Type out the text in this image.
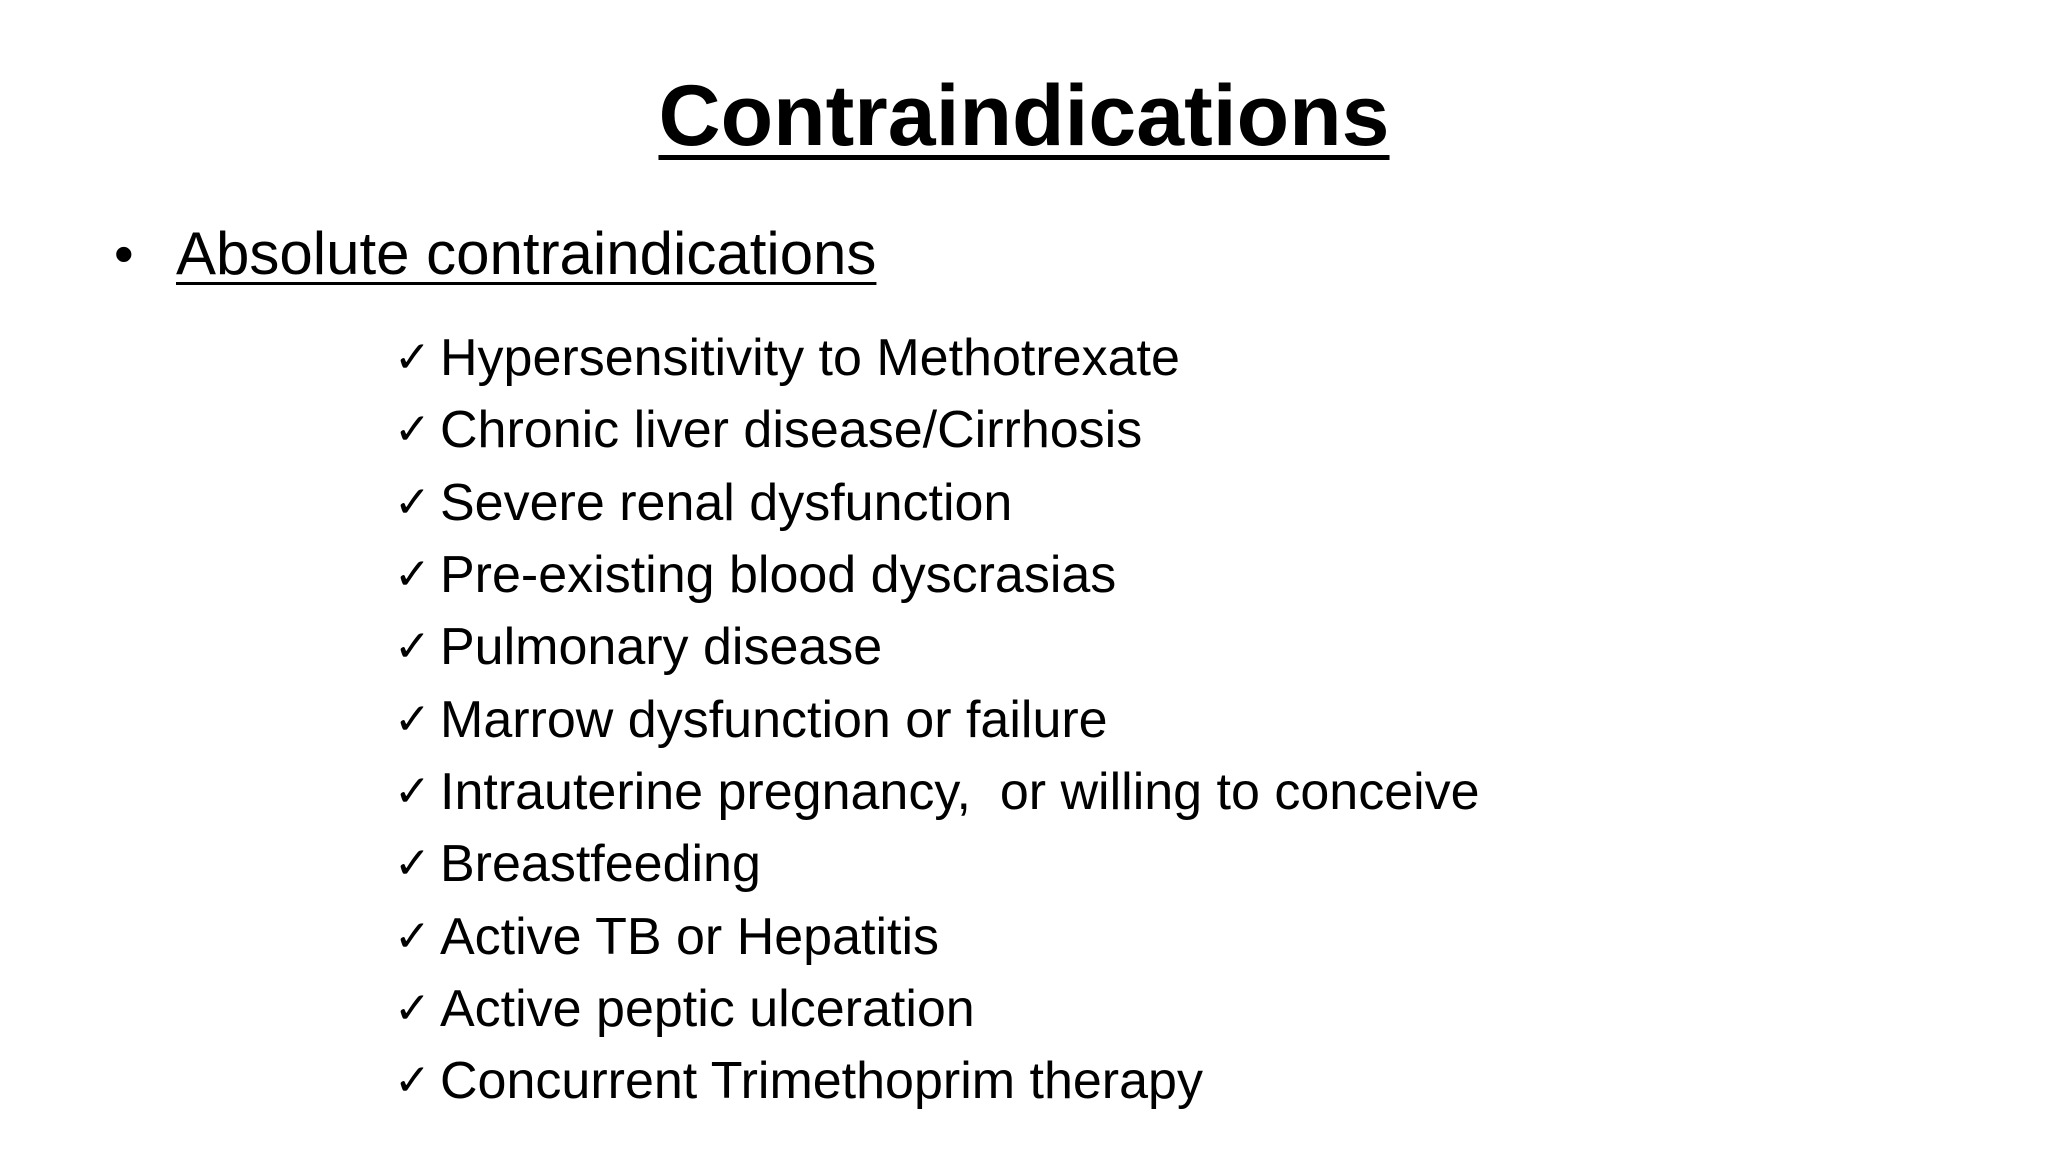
Contraindications
• Absolute contraindications
✓ Hypersensitivity to Methotrexate
✓ Chronic liver disease/Cirrhosis
✓ Severe renal dysfunction
✓ Pre-existing blood dyscrasias
✓ Pulmonary disease
✓ Marrow dysfunction or failure
✓ Intrauterine pregnancy,  or willing to conceive
✓ Breastfeeding
✓ Active TB or Hepatitis
✓ Active peptic ulceration
✓ Concurrent Trimethoprim therapy
